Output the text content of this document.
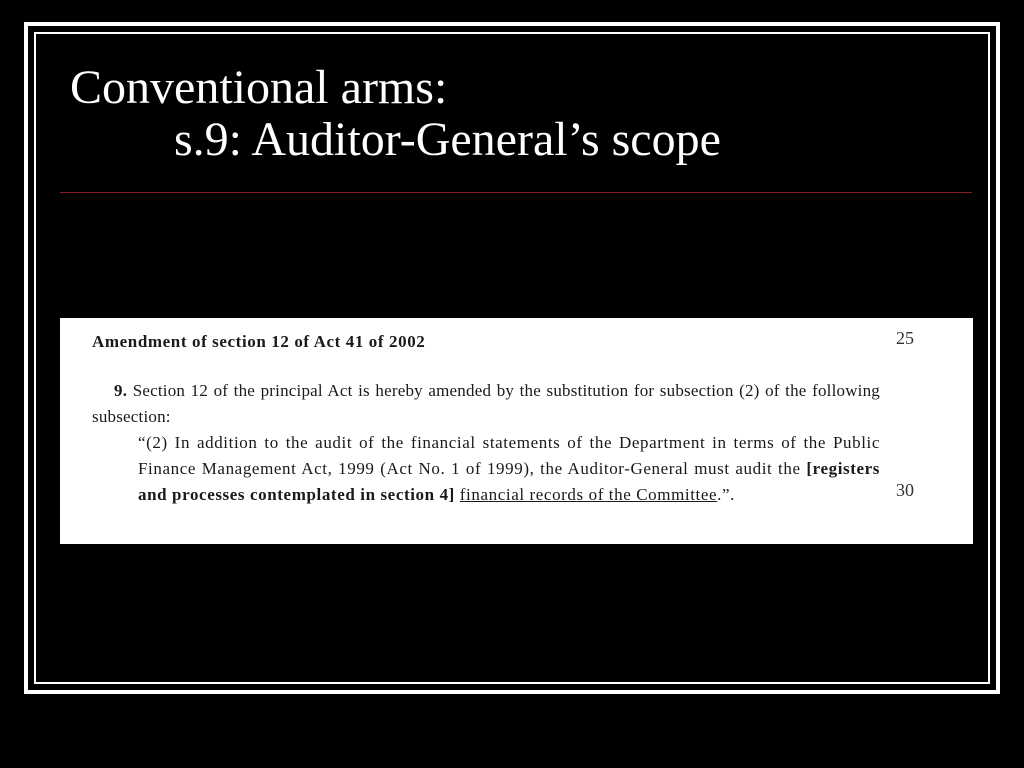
Conventional arms:
s.9: Auditor-General’s scope
Amendment of section 12 of Act 41 of 2002	25
30

9. Section 12 of the principal Act is hereby amended by the substitution for subsection (2) of the following subsection:

“(2) In addition to the audit of the financial statements of the Department in terms of the Public Finance Management Act, 1999 (Act No. 1 of 1999), the Auditor-General must audit the [registers and processes contemplated in section 4] financial records of the Committee.”.
